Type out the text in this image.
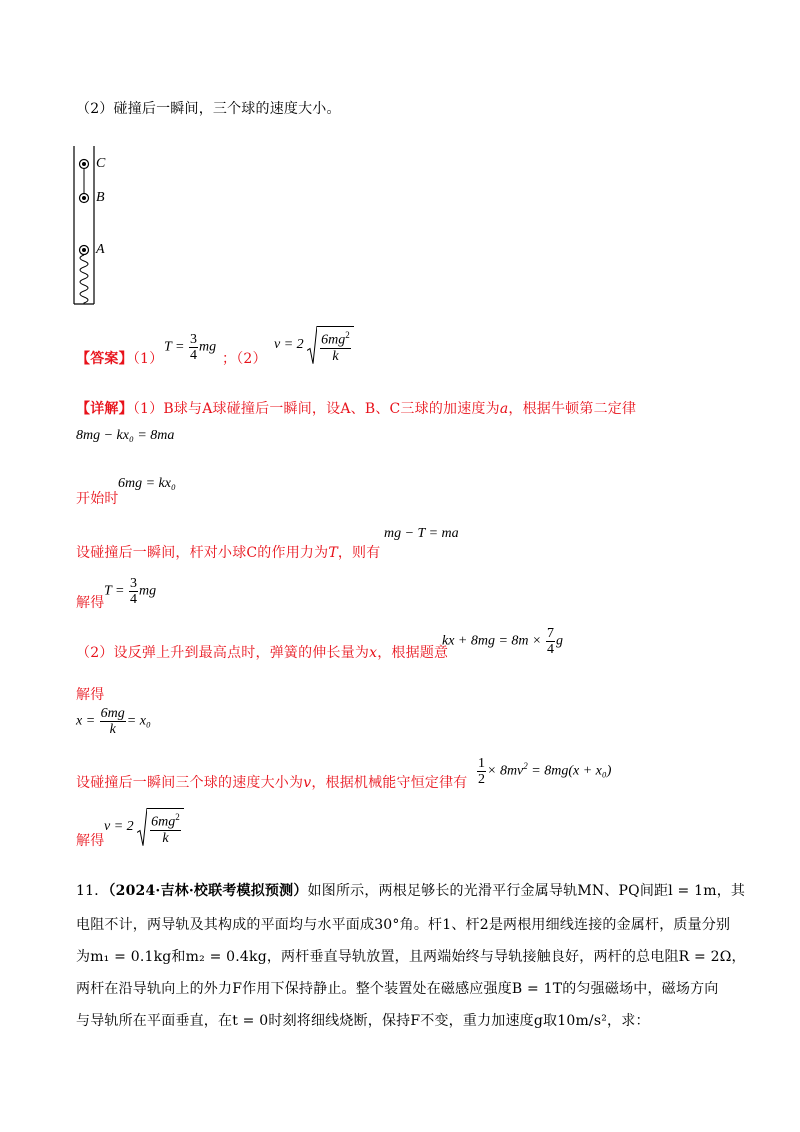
（2）碰撞后一瞬间，三个球的速度大小。
C
B
A
【答案】（1）
$T = \frac{3}{4}$ mg
；（2）
$v = 2 \frac{6mg^2}{k}$
【详解】（1）B球与A球碰撞后一瞬间，设A、B、C三球的加速度为a，根据牛顿第二定律
8mg − kx₀ = 8ma
开始时
6mg = kx₀
设碰撞后一瞬间，杆对小球C的作用力为T，则有
mg − T = ma
解得
$T = \frac{3}{4}$ mg
（2）设反弹上升到最高点时，弹簧的伸长量为x，根据题意
kx + $8mg = 8m \times \frac{7}{4}$ g
解得
$x = \frac{6mg}{k} = x_0$
设碰撞后一瞬间三个球的速度大小为v，根据机械能守恒定律有 $\frac{1}{2} \times 8mv^2 = 8mg(x + x_0)$
解得
$v = 2 \frac{6mg^2}{k}$
11．（2024·吉林·校联考模拟预测）如图所示，两根足够长的光滑平行金属导轨MN、PQ间距l = 1m，其
电阻不计，两导轨及其构成的平面均与水平面成30°角。杆1、杆2是两根用细线连接的金属杆，质量分别
为m₁ = 0.1kg和m₂ = 0.4kg，两杆垂直导轨放置，且两端始终与导轨接触良好，两杆的总电阻R = 2Ω，
两杆在沿导轨向上的外力F作用下保持静止。整个装置处在磁感应强度B = 1T的匀强磁场中，磁场方向
与导轨所在平面垂直，在t = 0时刻将细线烧断，保持F不变，重力加速度g取10m/s²，求：
